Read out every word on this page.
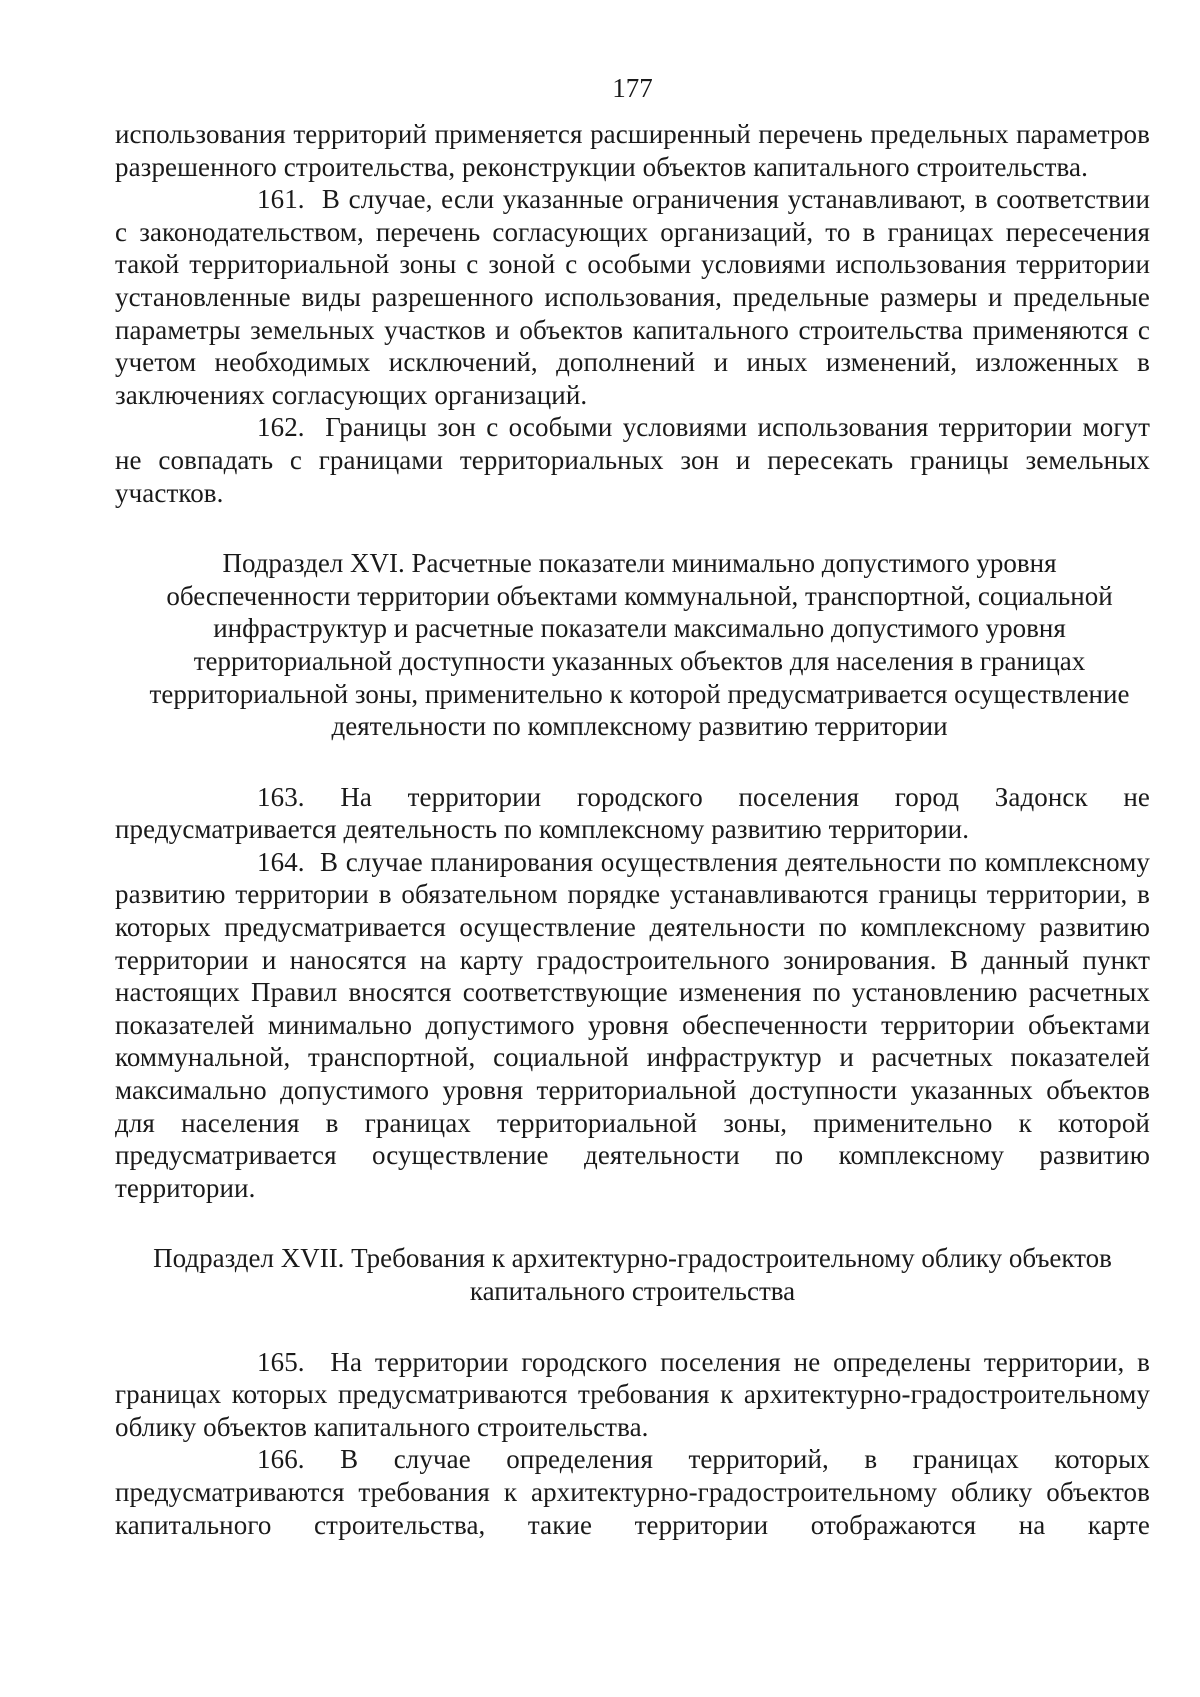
177

использования территорий применяется расширенный перечень предельных параметров разрешенного строительства, реконструкции объектов капитального строительства.

161. В случае, если указанные ограничения устанавливают, в соответствии с законодательством, перечень согласующих организаций, то в границах пересечения такой территориальной зоны с зоной с особыми условиями использования территории установленные виды разрешенного использования, предельные размеры и предельные параметры земельных участков и объектов капитального строительства применяются с учетом необходимых исключений, дополнений и иных изменений, изложенных в заключениях согласующих организаций.

162. Границы зон с особыми условиями использования территории могут не совпадать с границами территориальных зон и пересекать границы земельных участков.

Подраздел XVI. Расчетные показатели минимально допустимого уровня обеспеченности территории объектами коммунальной, транспортной, социальной инфраструктур и расчетные показатели максимально допустимого уровня территориальной доступности указанных объектов для населения в границах территориальной зоны, применительно к которой предусматривается осуществление деятельности по комплексному развитию территории

163. На территории городского поселения город Задонск не предусматривается деятельность по комплексному развитию территории.

164. В случае планирования осуществления деятельности по комплексному развитию территории в обязательном порядке устанавливаются границы территории, в которых предусматривается осуществление деятельности по комплексному развитию территории и наносятся на карту градостроительного зонирования. В данный пункт настоящих Правил вносятся соответствующие изменения по установлению расчетных показателей минимально допустимого уровня обеспеченности территории объектами коммунальной, транспортной, социальной инфраструктур и расчетных показателей максимально допустимого уровня территориальной доступности указанных объектов для населения в границах территориальной зоны, применительно к которой предусматривается осуществление деятельности по комплексному развитию территории.

Подраздел XVII. Требования к архитектурно-градостроительному облику объектов капитального строительства

165. На территории городского поселения не определены территории, в границах которых предусматриваются требования к архитектурно-градостроительному облику объектов капитального строительства.

166. В случае определения территорий, в границах которых предусматриваются требования к архитектурно-градостроительному облику объектов капитального строительства, такие территории отображаются на карте
